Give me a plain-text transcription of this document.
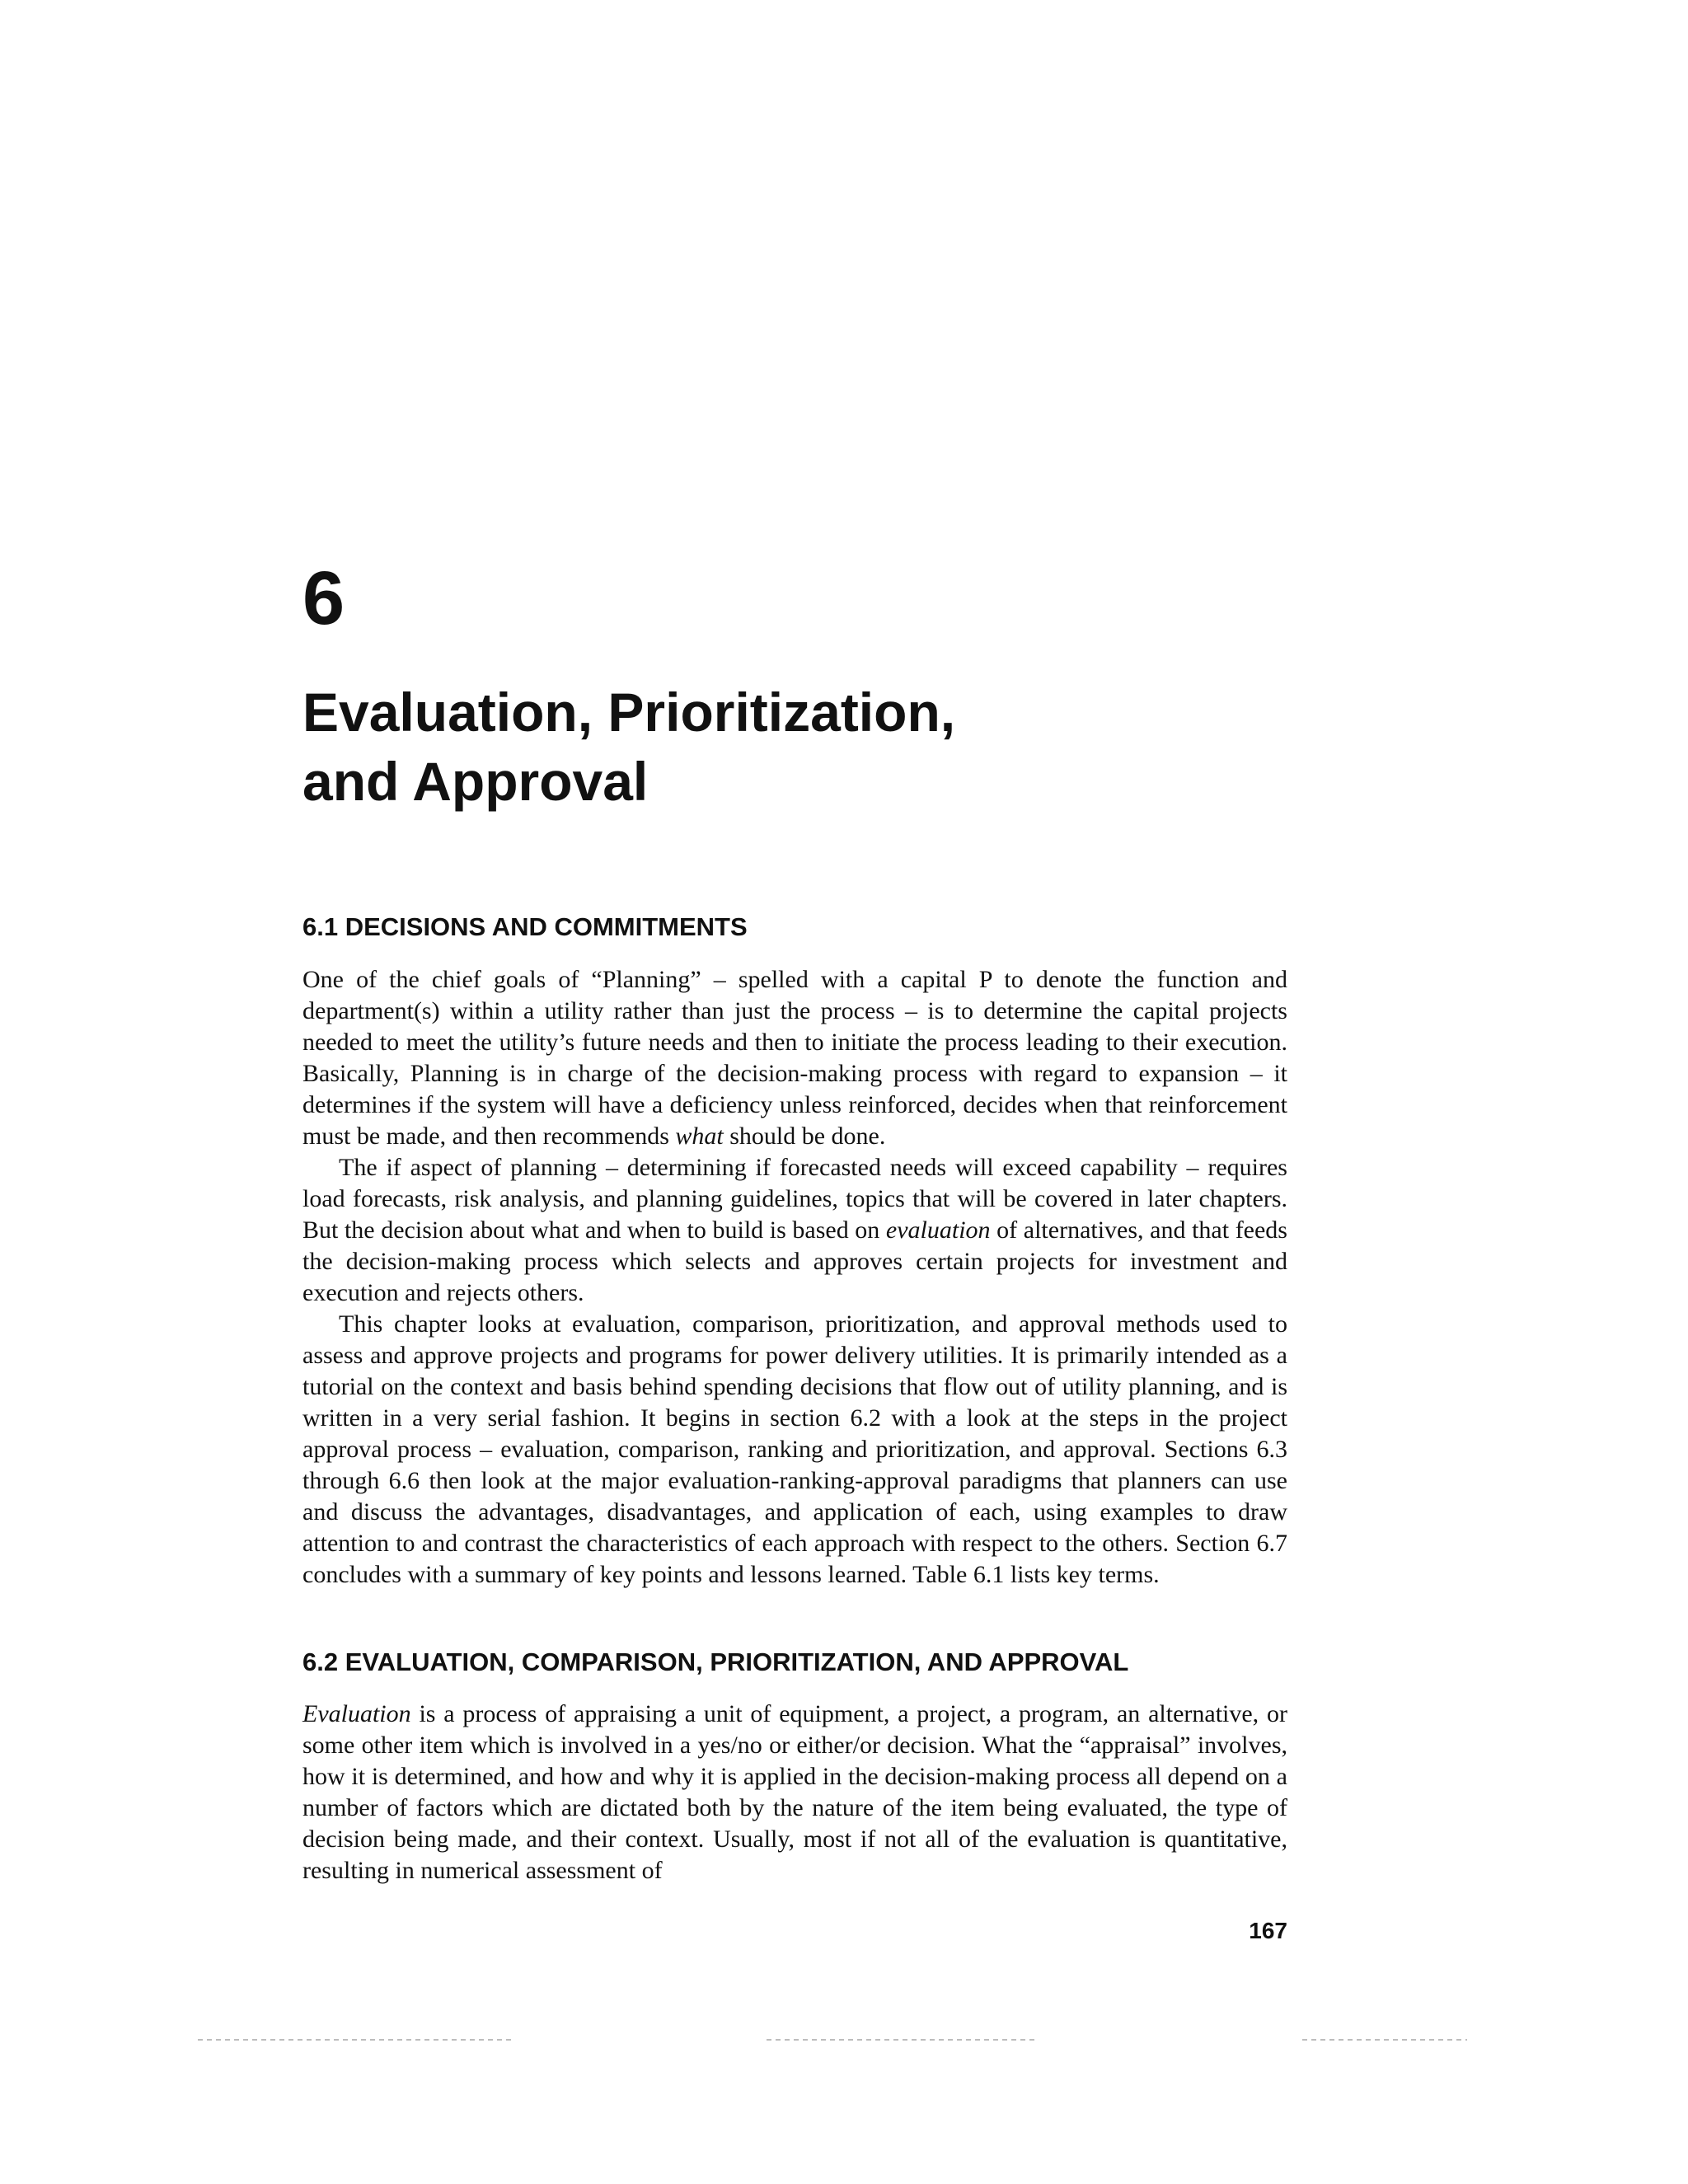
6
Evaluation, Prioritization,
and Approval
6.1 DECISIONS AND COMMITMENTS

One of the chief goals of “Planning” – spelled with a capital P to denote the function and department(s) within a utility rather than just the process – is to determine the capital projects needed to meet the utility’s future needs and then to initiate the process leading to their execution. Basically, Planning is in charge of the decision-making process with regard to expansion – it determines if the system will have a deficiency unless reinforced, decides when that reinforcement must be made, and then recommends what should be done.

The if aspect of planning – determining if forecasted needs will exceed capability – requires load forecasts, risk analysis, and planning guidelines, topics that will be covered in later chapters. But the decision about what and when to build is based on evaluation of alternatives, and that feeds the decision-making process which selects and approves certain projects for investment and execution and rejects others.

This chapter looks at evaluation, comparison, prioritization, and approval methods used to assess and approve projects and programs for power delivery utilities. It is primarily intended as a tutorial on the context and basis behind spending decisions that flow out of utility planning, and is written in a very serial fashion. It begins in section 6.2 with a look at the steps in the project approval process – evaluation, comparison, ranking and prioritization, and approval. Sections 6.3 through 6.6 then look at the major evaluation-ranking-approval paradigms that planners can use and discuss the advantages, disadvantages, and application of each, using examples to draw attention to and contrast the characteristics of each approach with respect to the others. Section 6.7 concludes with a summary of key points and lessons learned. Table 6.1 lists key terms.

6.2 EVALUATION, COMPARISON, PRIORITIZATION, AND APPROVAL

Evaluation is a process of appraising a unit of equipment, a project, a program, an alternative, or some other item which is involved in a yes/no or either/or decision. What the “appraisal” involves, how it is determined, and how and why it is applied in the decision-making process all depend on a number of factors which are dictated both by the nature of the item being evaluated, the type of decision being made, and their context. Usually, most if not all of the evaluation is quantitative, resulting in numerical assessment of

167
